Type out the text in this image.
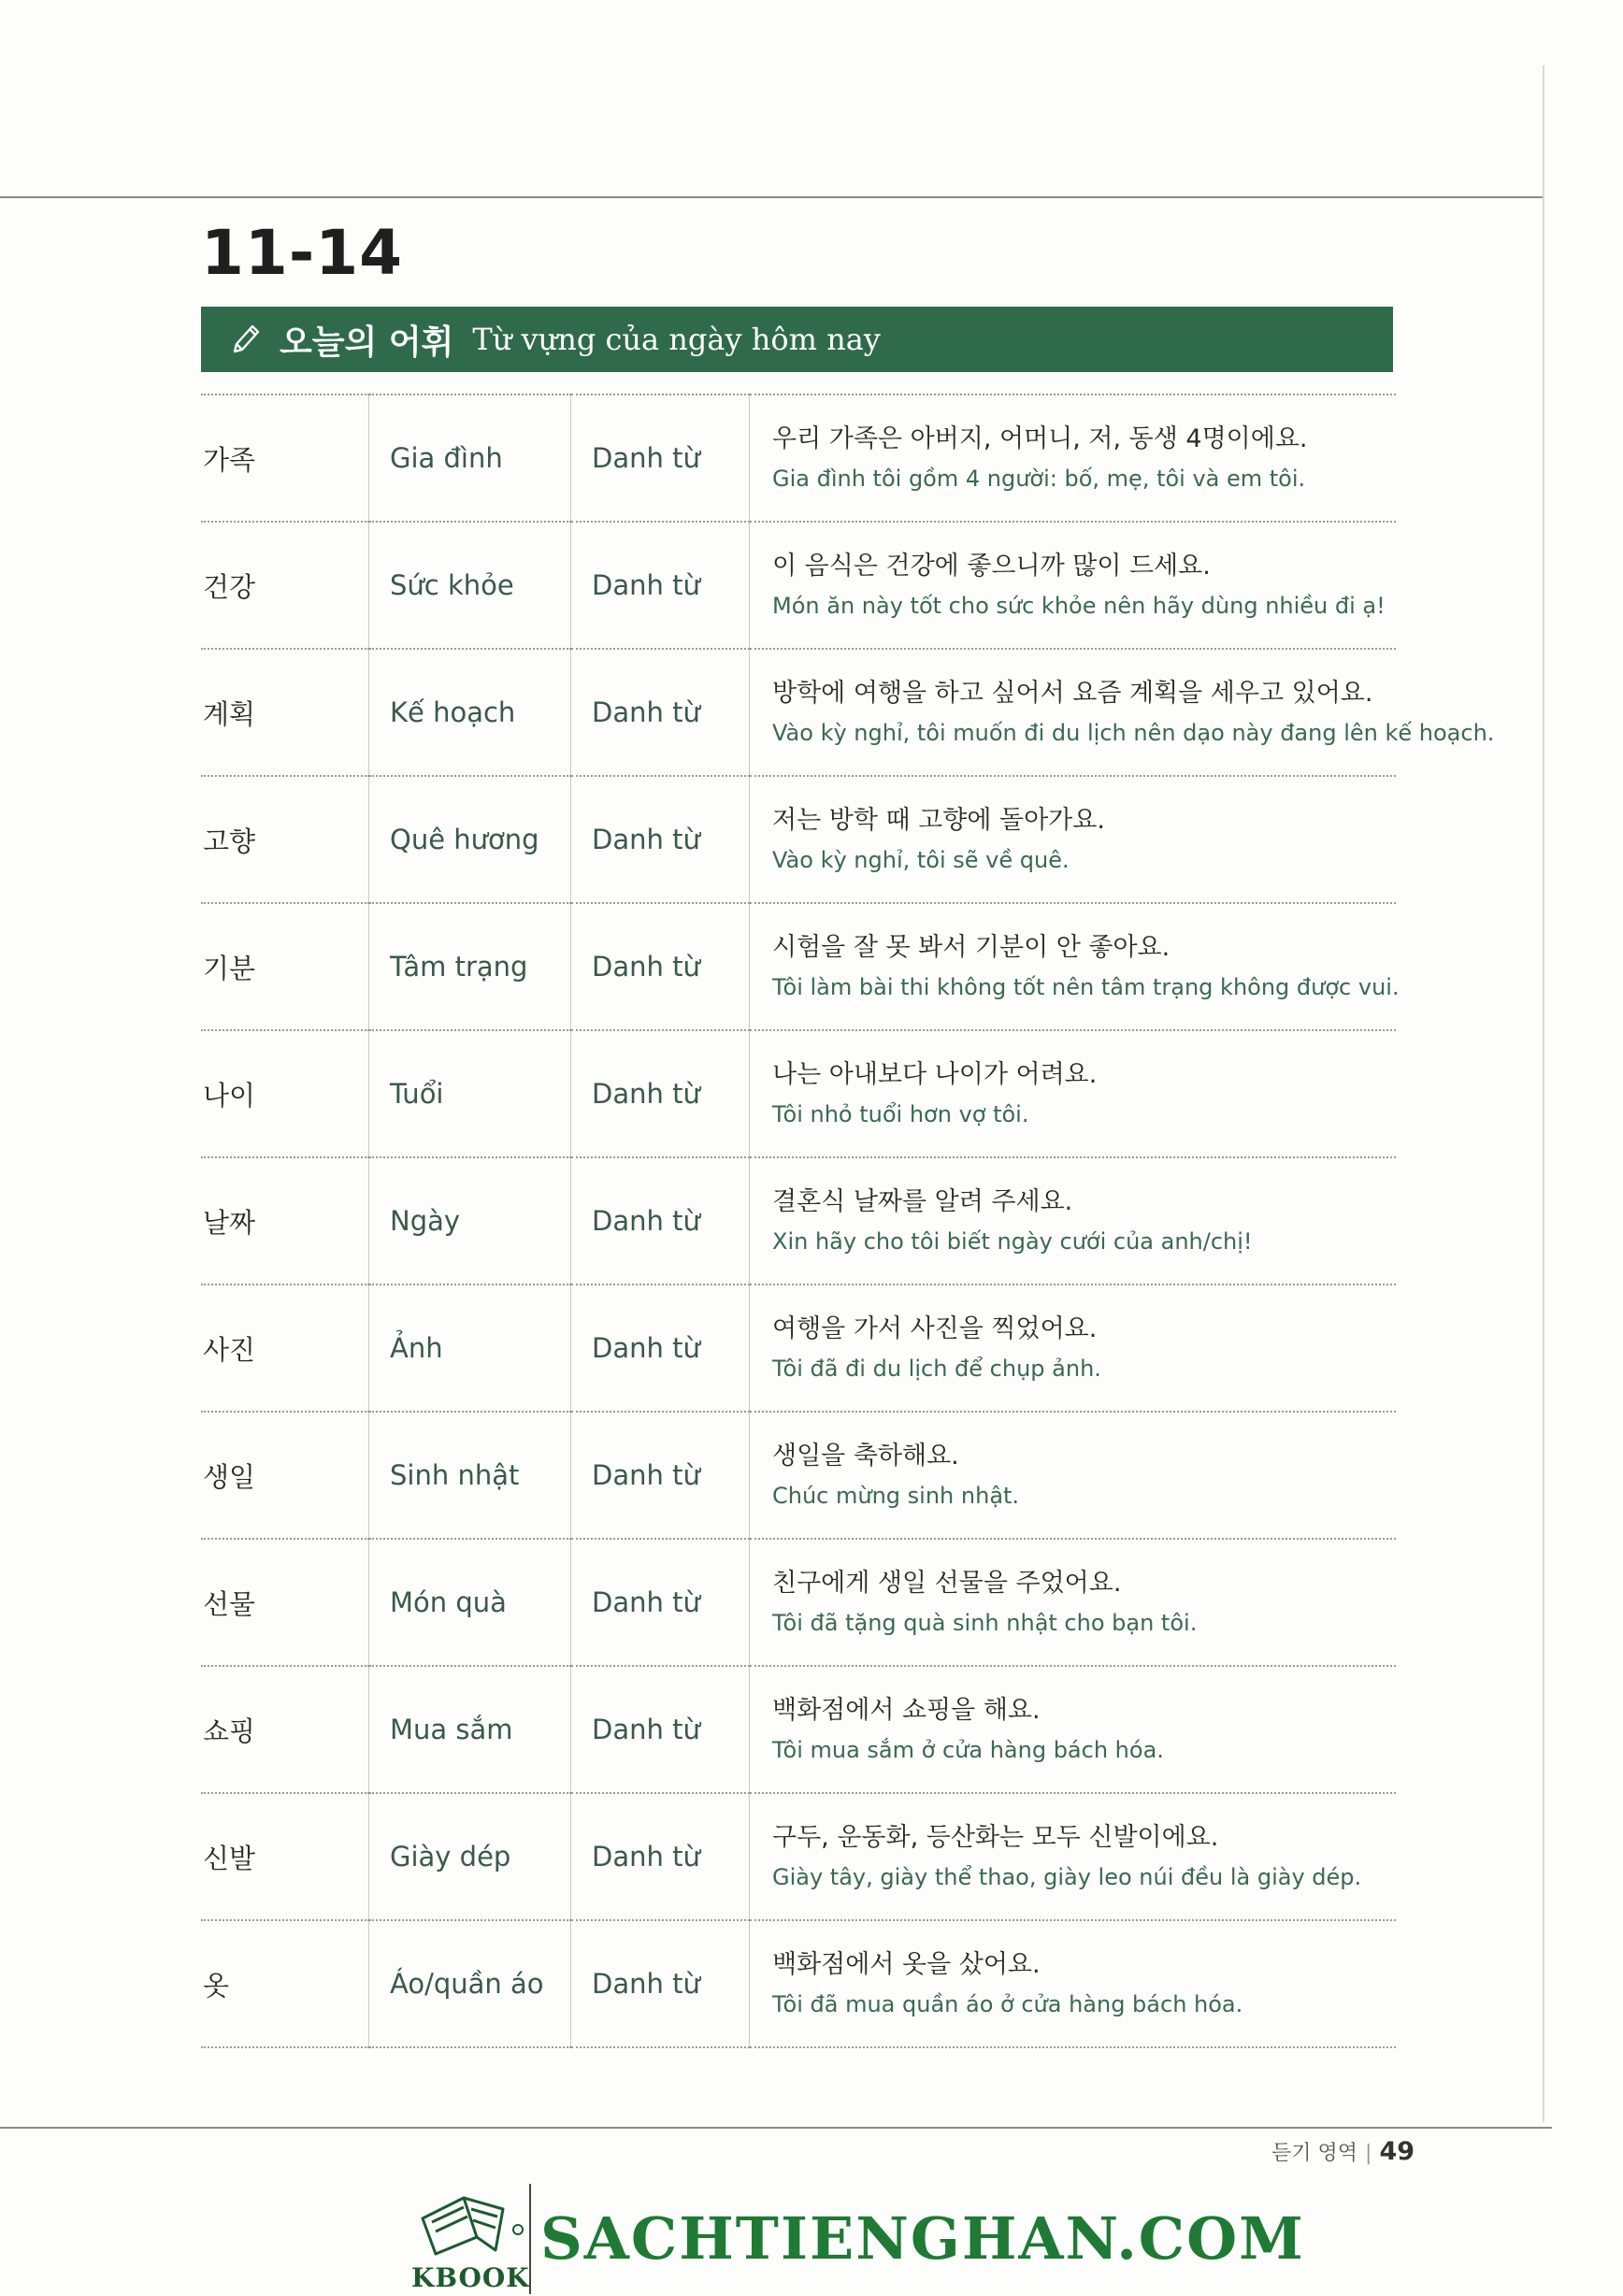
11-14
오늘의 어휘 Từ vựng của ngày hôm nay
가족	Gia đình	Danh từ	우리 가족은 아버지, 어머니, 저, 동생 4명이에요.
Gia đình tôi gồm 4 người: bố, mẹ, tôi và em tôi.

건강	Sức khỏe	Danh từ	이 음식은 건강에 좋으니까 많이 드세요.
Món ăn này tốt cho sức khỏe nên hãy dùng nhiều đi ạ!

계획	Kế hoạch	Danh từ	방학에 여행을 하고 싶어서 요즘 계획을 세우고 있어요.
Vào kỳ nghỉ, tôi muốn đi du lịch nên dạo này đang lên kế hoạch.

고향	Quê hương	Danh từ	저는 방학 때 고향에 돌아가요.
Vào kỳ nghỉ, tôi sẽ về quê.

기분	Tâm trạng	Danh từ	시험을 잘 못 봐서 기분이 안 좋아요.
Tôi làm bài thi không tốt nên tâm trạng không được vui.

나이	Tuổi	Danh từ	나는 아내보다 나이가 어려요.
Tôi nhỏ tuổi hơn vợ tôi.

날짜	Ngày	Danh từ	결혼식 날짜를 알려 주세요.
Xin hãy cho tôi biết ngày cưới của anh/chị!

사진	Ảnh	Danh từ	여행을 가서 사진을 찍었어요.
Tôi đã đi du lịch để chụp ảnh.

생일	Sinh nhật	Danh từ	생일을 축하해요.
Chúc mừng sinh nhật.

선물	Món quà	Danh từ	친구에게 생일 선물을 주었어요.
Tôi đã tặng quà sinh nhật cho bạn tôi.

쇼핑	Mua sắm	Danh từ	백화점에서 쇼핑을 해요.
Tôi mua sắm ở cửa hàng bách hóa.

신발	Giày dép	Danh từ	구두, 운동화, 등산화는 모두 신발이에요.
Giày tây, giày thể thao, giày leo núi đều là giày dép.

옷	Áo/quần áo	Danh từ	백화점에서 옷을 샀어요.
Tôi đã mua quần áo ở cửa hàng bách hóa.
듣기 영역 | 49
KBOOK
SACHTIENGHAN.COM
